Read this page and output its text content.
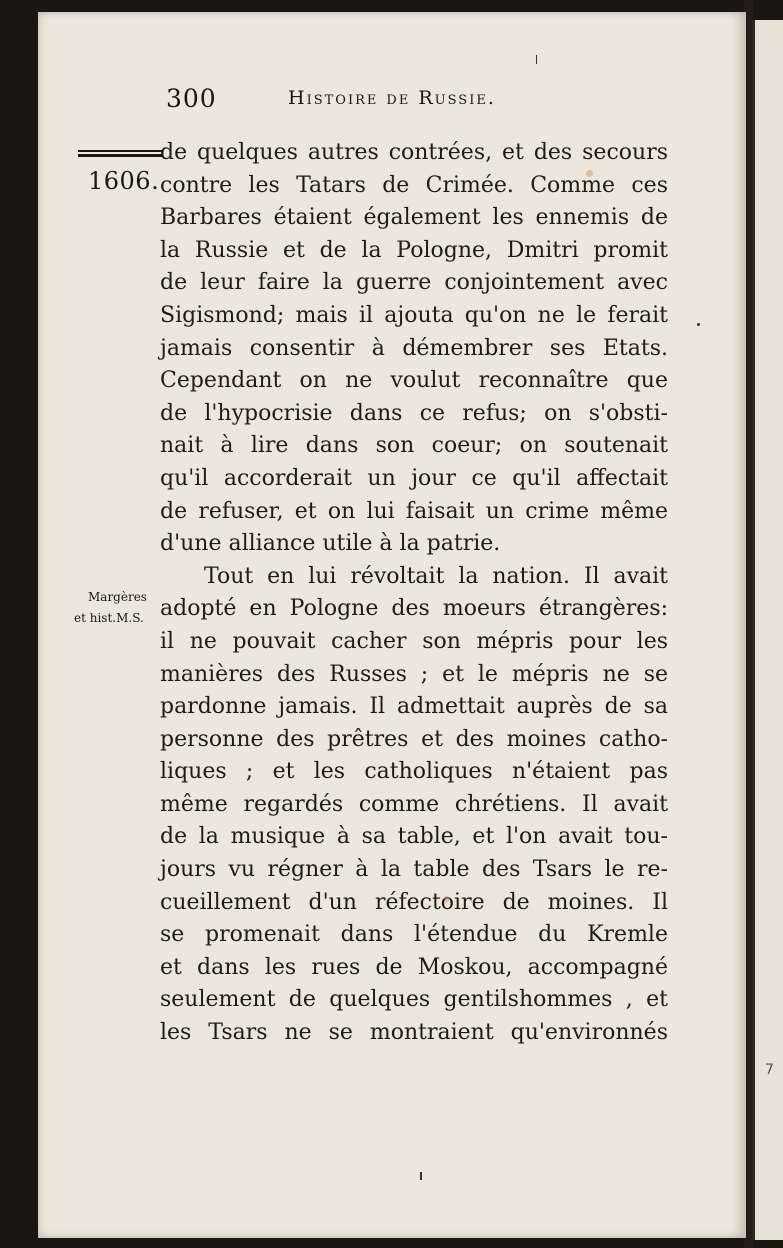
7
300	Histoire de Russie.
1606.
Margères
et hist.M.S.
de quelques autres contrées, et des secours
contre les Tatars de Crimée. Comme ces
Barbares étaient également les ennemis de
la Russie et de la Pologne, Dmitri promit
de leur faire la guerre conjointement avec
Sigismond; mais il ajouta qu'on ne le ferait
jamais consentir à démembrer ses Etats.
Cependant on ne voulut reconnaître que
de l'hypocrisie dans ce refus; on s'obsti-
nait à lire dans son coeur; on soutenait
qu'il accorderait un jour ce qu'il affectait
de refuser, et on lui faisait un crime même
d'une alliance utile à la patrie.
Tout en lui révoltait la nation. Il avait
adopté en Pologne des moeurs étrangères:
il ne pouvait cacher son mépris pour les
manières des Russes ; et le mépris ne se
pardonne jamais. Il admettait auprès de sa
personne des prêtres et des moines catho-
liques ; et les catholiques n'étaient pas
même regardés comme chrétiens. Il avait
de la musique à sa table, et l'on avait tou-
jours vu régner à la table des Tsars le re-
cueillement d'un réfectoire de moines. Il
se promenait dans l'étendue du Kremle
et dans les rues de Moskou, accompagné
seulement de quelques gentilshommes , et
les Tsars ne se montraient qu'environnés
